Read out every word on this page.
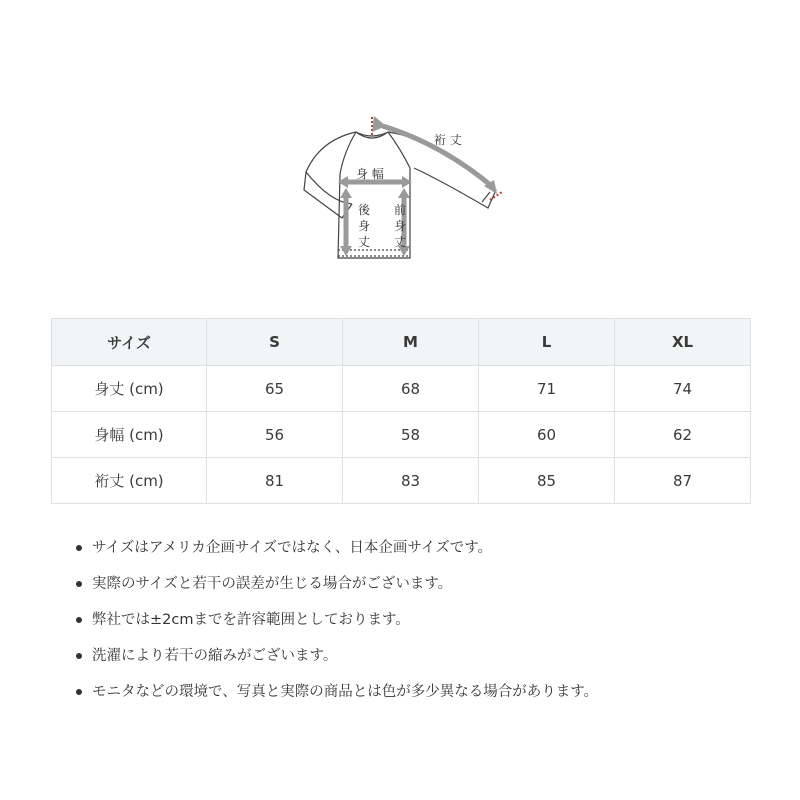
裄 丈
身 幅
後
身
丈
前
身
丈
サイズ	S	M	L	XL
身丈 (cm)	65	68	71	74
身幅 (cm)	56	58	60	62
裄丈 (cm)	81	83	85	87
サイズはアメリカ企画サイズではなく、日本企画サイズです。
実際のサイズと若干の誤差が生じる場合がございます。
弊社では±2cmまでを許容範囲としております。
洗濯により若干の縮みがございます。
モニタなどの環境で、写真と実際の商品とは色が多少異なる場合があります。
